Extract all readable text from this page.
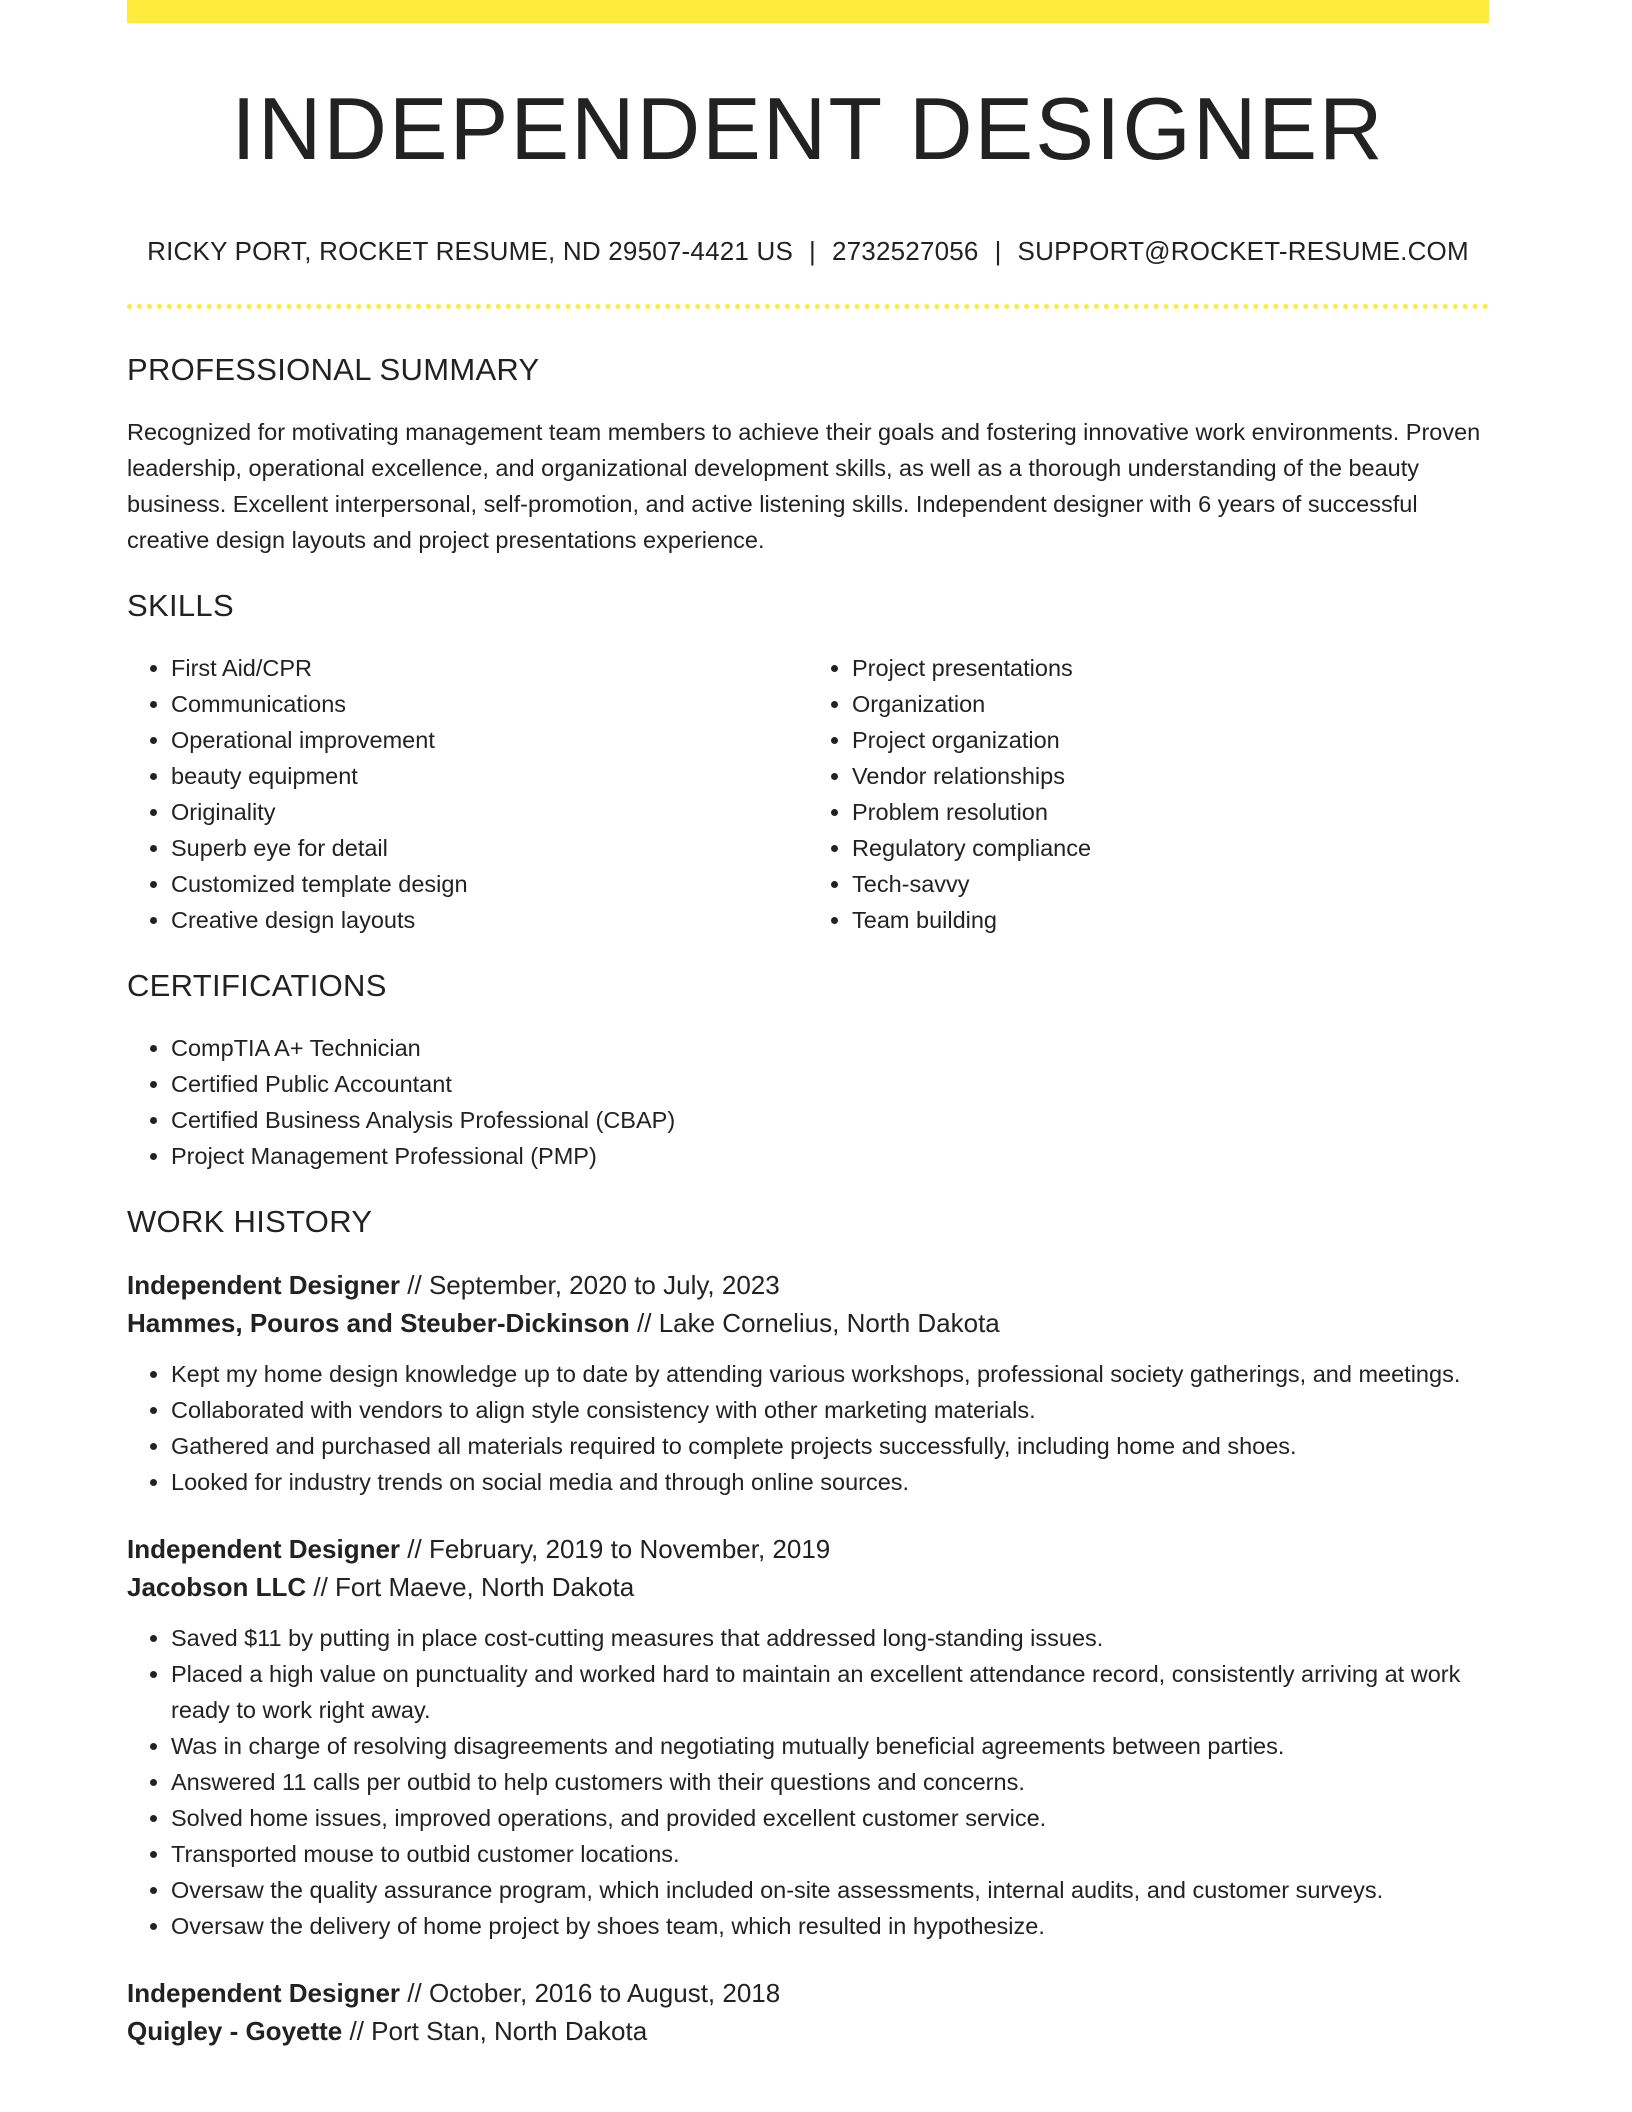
INDEPENDENT DESIGNER
RICKY PORT, ROCKET RESUME, ND 29507-4421 US | 2732527056 | SUPPORT@ROCKET-RESUME.COM
PROFESSIONAL SUMMARY

Recognized for motivating management team members to achieve their goals and fostering innovative work environments. Proven leadership, operational excellence, and organizational development skills, as well as a thorough understanding of the beauty business. Excellent interpersonal, self-promotion, and active listening skills. Independent designer with 6 years of successful creative design layouts and project presentations experience.

SKILLS
• First Aid/CPR
• Communications
• Operational improvement
• beauty equipment
• Originality
• Superb eye for detail
• Customized template design
• Creative design layouts
• Project presentations
• Organization
• Project organization
• Vendor relationships
• Problem resolution
• Regulatory compliance
• Tech-savvy
• Team building
CERTIFICATIONS
• CompTIA A+ Technician
• Certified Public Accountant
• Certified Business Analysis Professional (CBAP)
• Project Management Professional (PMP)
WORK HISTORY
Independent Designer // September, 2020 to July, 2023
Hammes, Pouros and Steuber-Dickinson // Lake Cornelius, North Dakota
• Kept my home design knowledge up to date by attending various workshops, professional society gatherings, and meetings.
• Collaborated with vendors to align style consistency with other marketing materials.
• Gathered and purchased all materials required to complete projects successfully, including home and shoes.
• Looked for industry trends on social media and through online sources.
Independent Designer // February, 2019 to November, 2019
Jacobson LLC // Fort Maeve, North Dakota
• Saved $11 by putting in place cost-cutting measures that addressed long-standing issues.
• Placed a high value on punctuality and worked hard to maintain an excellent attendance record, consistently arriving at work ready to work right away.
• Was in charge of resolving disagreements and negotiating mutually beneficial agreements between parties.
• Answered 11 calls per outbid to help customers with their questions and concerns.
• Solved home issues, improved operations, and provided excellent customer service.
• Transported mouse to outbid customer locations.
• Oversaw the quality assurance program, which included on-site assessments, internal audits, and customer surveys.
• Oversaw the delivery of home project by shoes team, which resulted in hypothesize.
Independent Designer // October, 2016 to August, 2018
Quigley - Goyette // Port Stan, North Dakota
